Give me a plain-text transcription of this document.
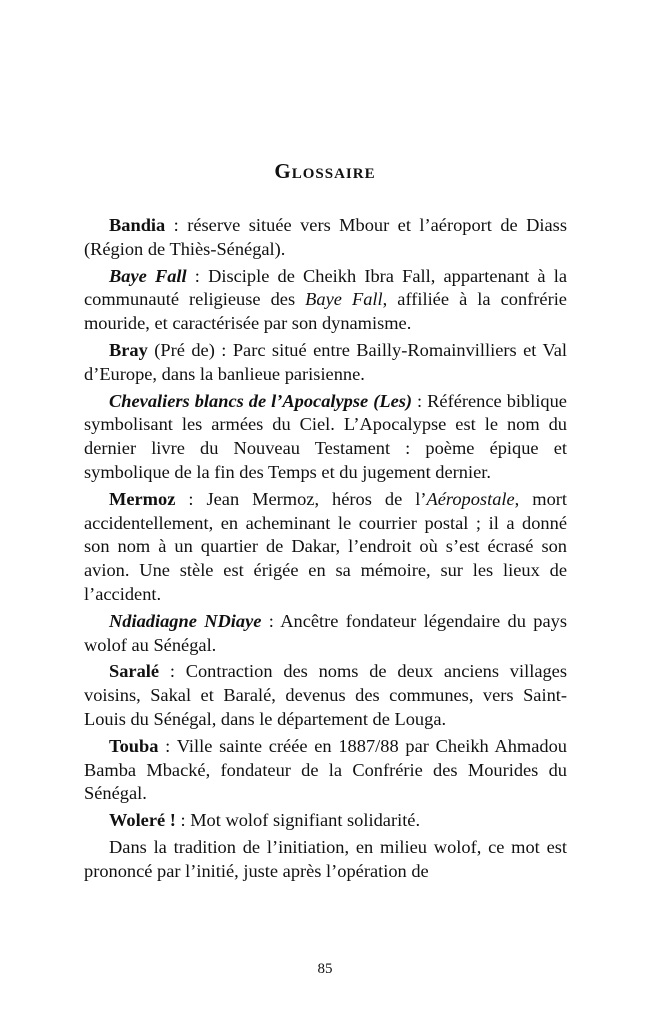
Glossaire

Bandia : réserve située vers Mbour et l’aéroport de Diass (Région de Thiès-Sénégal).

Baye Fall : Disciple de Cheikh Ibra Fall, appartenant à la communauté religieuse des Baye Fall, affiliée à la confrérie mouride, et caractérisée par son dynamisme.

Bray (Pré de) : Parc situé entre Bailly-Romainvilliers et Val d’Europe, dans la banlieue parisienne.

Chevaliers blancs de l’Apocalypse (Les) : Référence biblique symbolisant les armées du Ciel. L’Apocalypse est le nom du dernier livre du Nouveau Testament : poème épique et symbolique de la fin des Temps et du jugement dernier.

Mermoz : Jean Mermoz, héros de l’Aéropostale, mort accidentellement, en acheminant le courrier postal ; il a donné son nom à un quartier de Dakar, l’endroit où s’est écrasé son avion. Une stèle est érigée en sa mémoire, sur les lieux de l’accident.

Ndiadiagne NDiaye : Ancêtre fondateur légendaire du pays wolof au Sénégal.

Saralé : Contraction des noms de deux anciens villages voisins, Sakal et Baralé, devenus des communes, vers Saint-Louis du Sénégal, dans le département de Louga.

Touba : Ville sainte créée en 1887/88 par Cheikh Ahmadou Bamba Mbacké, fondateur de la Confrérie des Mourides du Sénégal.

Woleré ! : Mot wolof signifiant solidarité.

Dans la tradition de l’initiation, en milieu wolof, ce mot est prononcé par l’initié, juste après l’opération de

85
